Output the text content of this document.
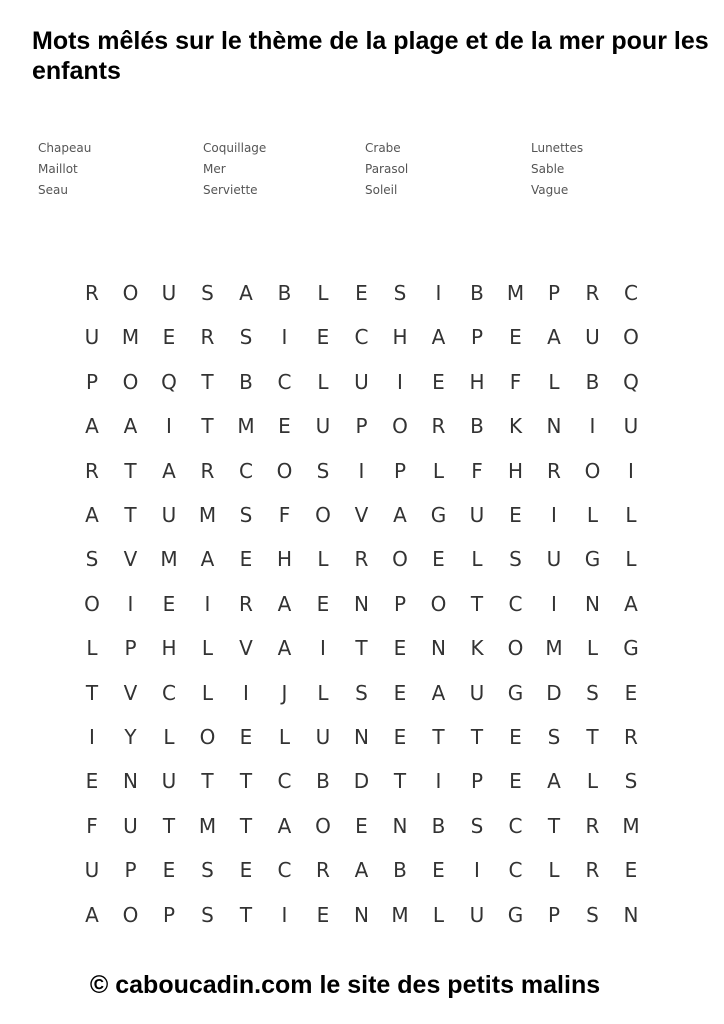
Mots mêlés sur le thème de la plage et de la mer pour les enfants
Chapeau	Coquillage	Crabe	Lunettes
Maillot	Mer	Parasol	Sable
Seau	Serviette	Soleil	Vague
R	O	U	S	A	B	L	E	S	I	B	M	P	R	C
U	M	E	R	S	I	E	C	H	A	P	E	A	U	O
P	O	Q	T	B	C	L	U	I	E	H	F	L	B	Q
A	A	I	T	M	E	U	P	O	R	B	K	N	I	U
R	T	A	R	C	O	S	I	P	L	F	H	R	O	I
A	T	U	M	S	F	O	V	A	G	U	E	I	L	L
S	V	M	A	E	H	L	R	O	E	L	S	U	G	L
O	I	E	I	R	A	E	N	P	O	T	C	I	N	A
L	P	H	L	V	A	I	T	E	N	K	O	M	L	G
T	V	C	L	I	J	L	S	E	A	U	G	D	S	E
I	Y	L	O	E	L	U	N	E	T	T	E	S	T	R
E	N	U	T	T	C	B	D	T	I	P	E	A	L	S
F	U	T	M	T	A	O	E	N	B	S	C	T	R	M
U	P	E	S	E	C	R	A	B	E	I	C	L	R	E
A	O	P	S	T	I	E	N	M	L	U	G	P	S	N
© caboucadin.com le site des petits malins
